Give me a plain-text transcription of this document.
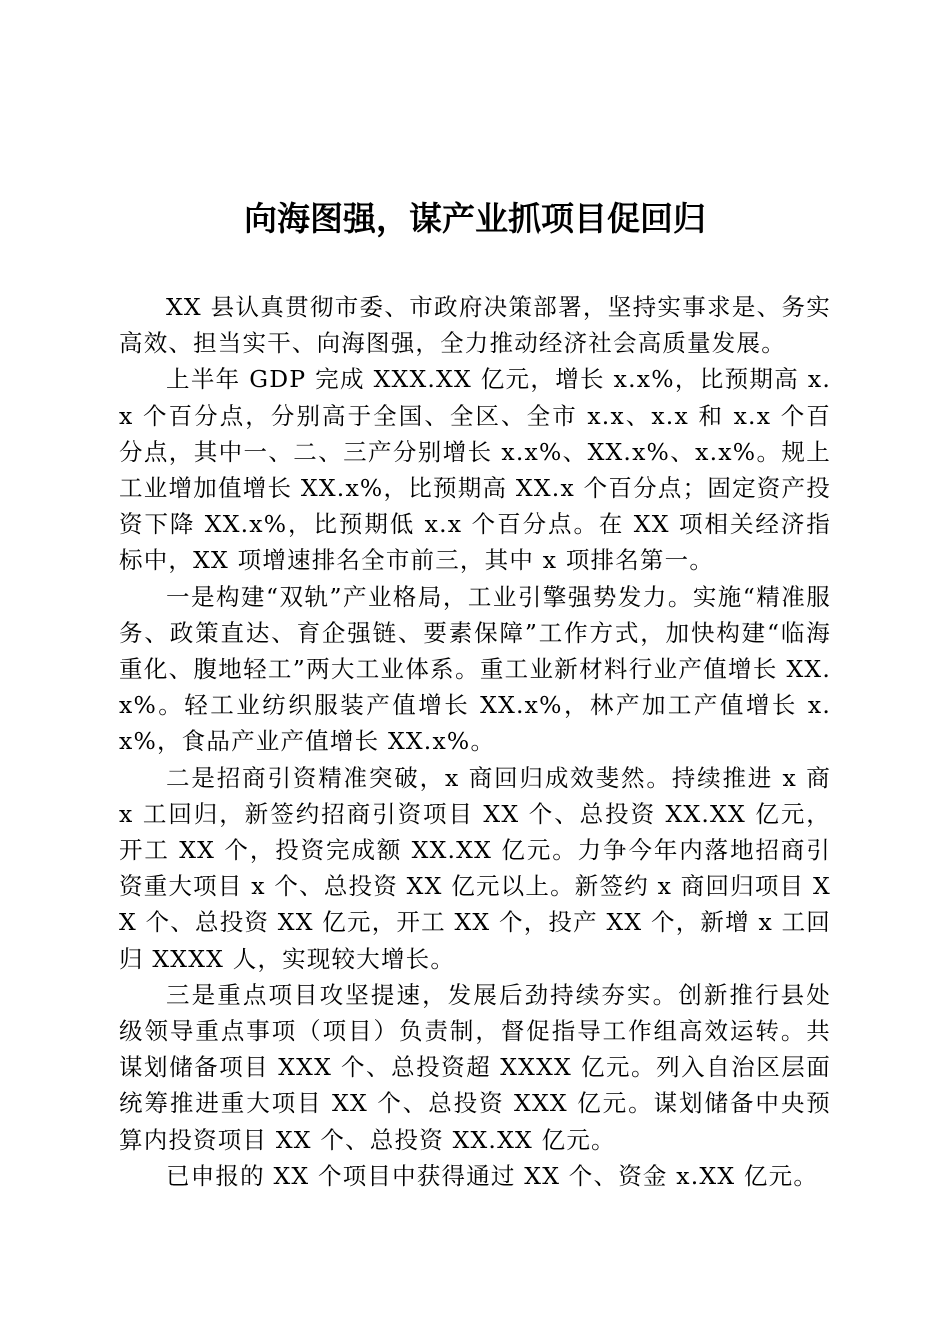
向海图强，谋产业抓项目促回归

XX 县认真贯彻市委、市政府决策部署，坚持实事求是、务实高效、担当实干、向海图强，全力推动经济社会高质量发展。

上半年 GDP 完成 XXX.XX 亿元，增长 x.x%，比预期高 x.x 个百分点，分别高于全国、全区、全市 x.x、x.x 和 x.x 个百分点，其中一、二、三产分别增长 x.x%、XX.x%、x.x%。规上工业增加值增长 XX.x%，比预期高 XX.x 个百分点；固定资产投资下降 XX.x%，比预期低 x.x 个百分点。在 XX 项相关经济指标中，XX 项增速排名全市前三，其中 x 项排名第一。

一是构建“双轨”产业格局，工业引擎强势发力。实施“精准服务、政策直达、育企强链、要素保障”工作方式，加快构建“临海重化、腹地轻工”两大工业体系。重工业新材料行业产值增长 XX.x%。轻工业纺织服装产值增长 XX.x%，林产加工产值增长 x.x%，食品产业产值增长 XX.x%。

二是招商引资精准突破，x 商回归成效斐然。持续推进 x 商 x 工回归，新签约招商引资项目 XX 个、总投资 XX.XX 亿元，开工 XX 个，投资完成额 XX.XX 亿元。力争今年内落地招商引资重大项目 x 个、总投资 XX 亿元以上。新签约 x 商回归项目 XX 个、总投资 XX 亿元，开工 XX 个，投产 XX 个，新增 x 工回归 XXXX 人，实现较大增长。

三是重点项目攻坚提速，发展后劲持续夯实。创新推行县处级领导重点事项（项目）负责制，督促指导工作组高效运转。共谋划储备项目 XXX 个、总投资超 XXXX 亿元。列入自治区层面统筹推进重大项目 XX 个、总投资 XXX 亿元。谋划储备中央预算内投资项目 XX 个、总投资 XX.XX 亿元。

已申报的 XX 个项目中获得通过 XX 个、资金 x.XX 亿元。
